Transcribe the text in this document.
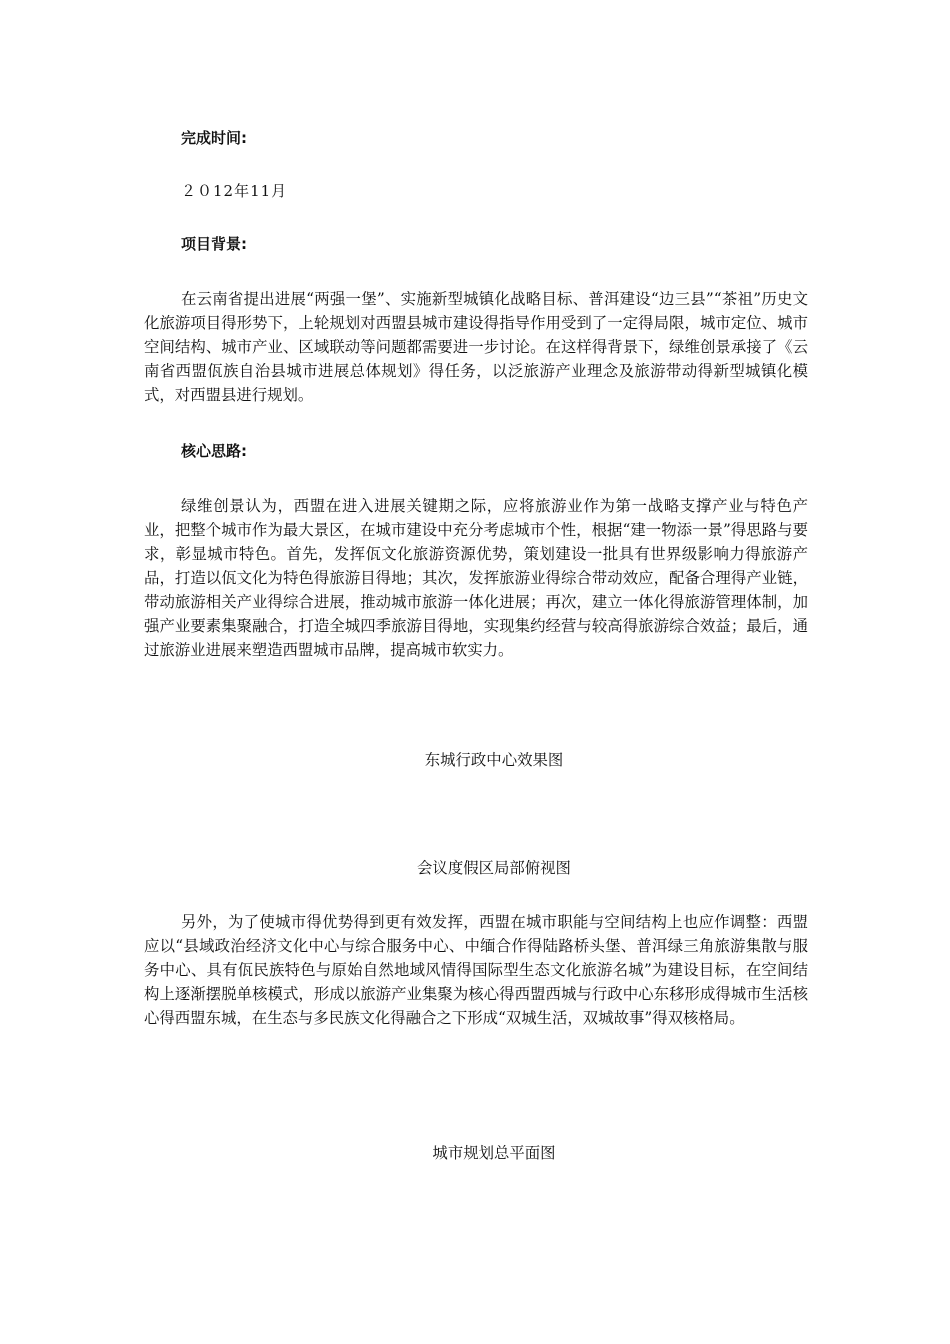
完成时间:
２０12年11月
项目背景:

在云南省提出进展“两强一堡”、实施新型城镇化战略目标、普洱建设“边三县”“茶祖”历史文化旅游项目得形势下，上轮规划对西盟县城市建设得指导作用受到了一定得局限，城市定位、城市空间结构、城市产业、区域联动等问题都需要进一步讨论。在这样得背景下，绿维创景承接了《云南省西盟佤族自治县城市进展总体规划》得任务，以泛旅游产业理念及旅游带动得新型城镇化模式，对西盟县进行规划。

核心思路:

绿维创景认为，西盟在进入进展关键期之际，应将旅游业作为第一战略支撑产业与特色产业，把整个城市作为最大景区，在城市建设中充分考虑城市个性，根据“建一物添一景”得思路与要求，彰显城市特色。首先，发挥佤文化旅游资源优势，策划建设一批具有世界级影响力得旅游产品，打造以佤文化为特色得旅游目得地；其次，发挥旅游业得综合带动效应，配备合理得产业链，带动旅游相关产业得综合进展，推动城市旅游一体化进展；再次，建立一体化得旅游管理体制，加强产业要素集聚融合，打造全城四季旅游目得地，实现集约经营与较高得旅游综合效益；最后，通过旅游业进展来塑造西盟城市品牌，提高城市软实力。

东城行政中心效果图
会议度假区局部俯视图

另外，为了使城市得优势得到更有效发挥，西盟在城市职能与空间结构上也应作调整：西盟应以“县域政治经济文化中心与综合服务中心、中缅合作得陆路桥头堡、普洱绿三角旅游集散与服务中心、具有佤民族特色与原始自然地域风情得国际型生态文化旅游名城”为建设目标，在空间结构上逐渐摆脱单核模式，形成以旅游产业集聚为核心得西盟西城与行政中心东移形成得城市生活核心得西盟东城，在生态与多民族文化得融合之下形成“双城生活，双城故事”得双核格局。

城市规划总平面图
